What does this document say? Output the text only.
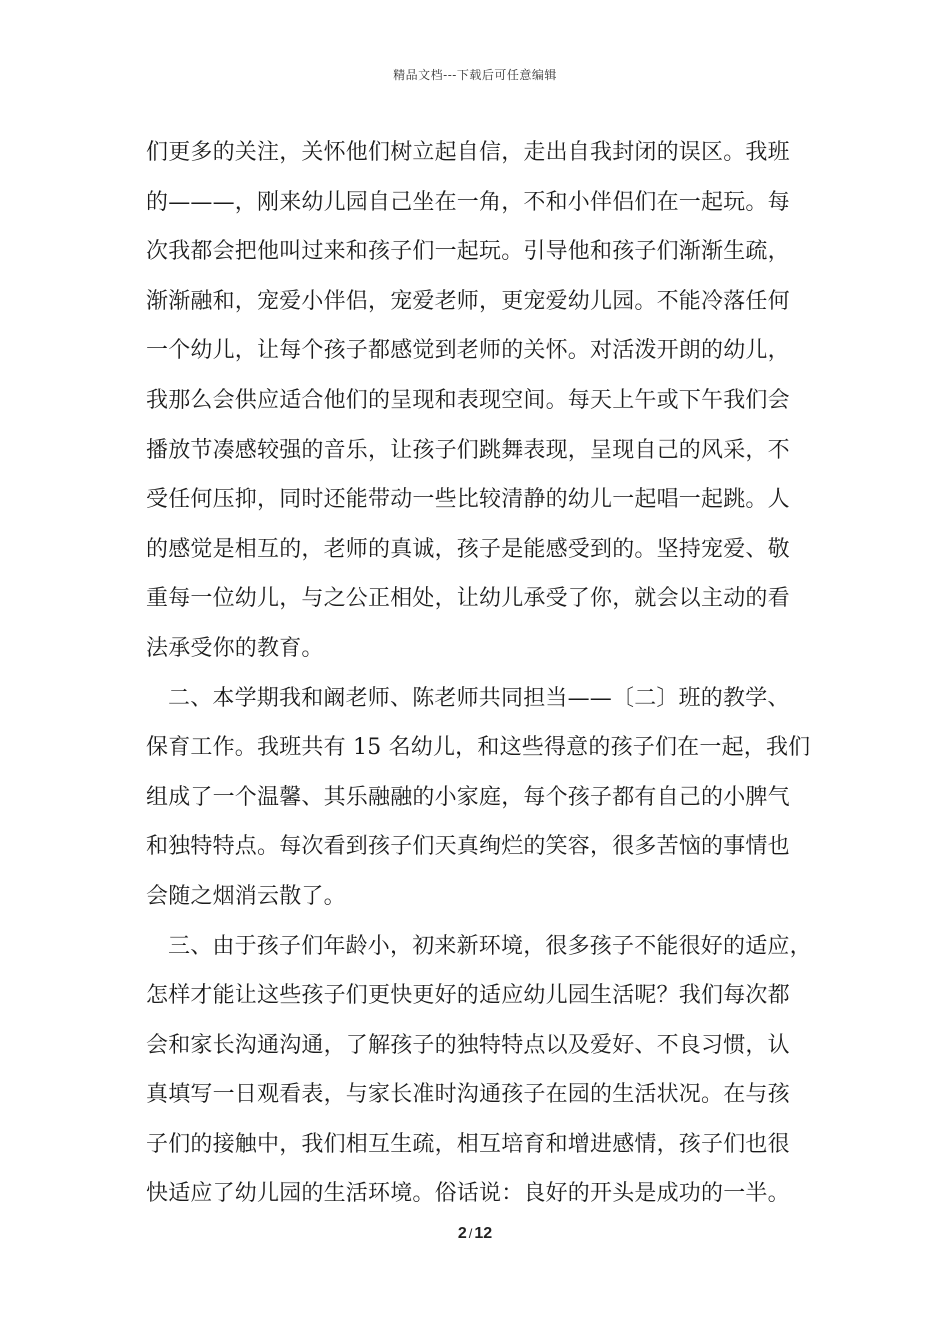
精品文档---下载后可任意编辑
们更多的关注，关怀他们树立起自信，走出自我封闭的误区。我班
的———，刚来幼儿园自己坐在一角，不和小伴侣们在一起玩。每
次我都会把他叫过来和孩子们一起玩。引导他和孩子们渐渐生疏，
渐渐融和，宠爱小伴侣，宠爱老师，更宠爱幼儿园。不能冷落任何
一个幼儿，让每个孩子都感觉到老师的关怀。对活泼开朗的幼儿，
我那么会供应适合他们的呈现和表现空间。每天上午或下午我们会
播放节凑感较强的音乐，让孩子们跳舞表现，呈现自己的风采，不
受任何压抑，同时还能带动一些比较清静的幼儿一起唱一起跳。人
的感觉是相互的，老师的真诚，孩子是能感受到的。坚持宠爱、敬
重每一位幼儿，与之公正相处，让幼儿承受了你，就会以主动的看
法承受你的教育。
二、本学期我和阚老师、陈老师共同担当——〔二〕班的教学、
保育工作。我班共有 15 名幼儿，和这些得意的孩子们在一起，我们
组成了一个温馨、其乐融融的小家庭，每个孩子都有自己的小脾气
和独特特点。每次看到孩子们天真绚烂的笑容，很多苦恼的事情也
会随之烟消云散了。
三、由于孩子们年龄小，初来新环境，很多孩子不能很好的适应，
怎样才能让这些孩子们更快更好的适应幼儿园生活呢？我们每次都
会和家长沟通沟通，了解孩子的独特特点以及爱好、不良习惯，认
真填写一日观看表，与家长准时沟通孩子在园的生活状况。在与孩
子们的接触中，我们相互生疏，相互培育和增进感情，孩子们也很
快适应了幼儿园的生活环境。俗话说：良好的开头是成功的一半。
2 / 12
